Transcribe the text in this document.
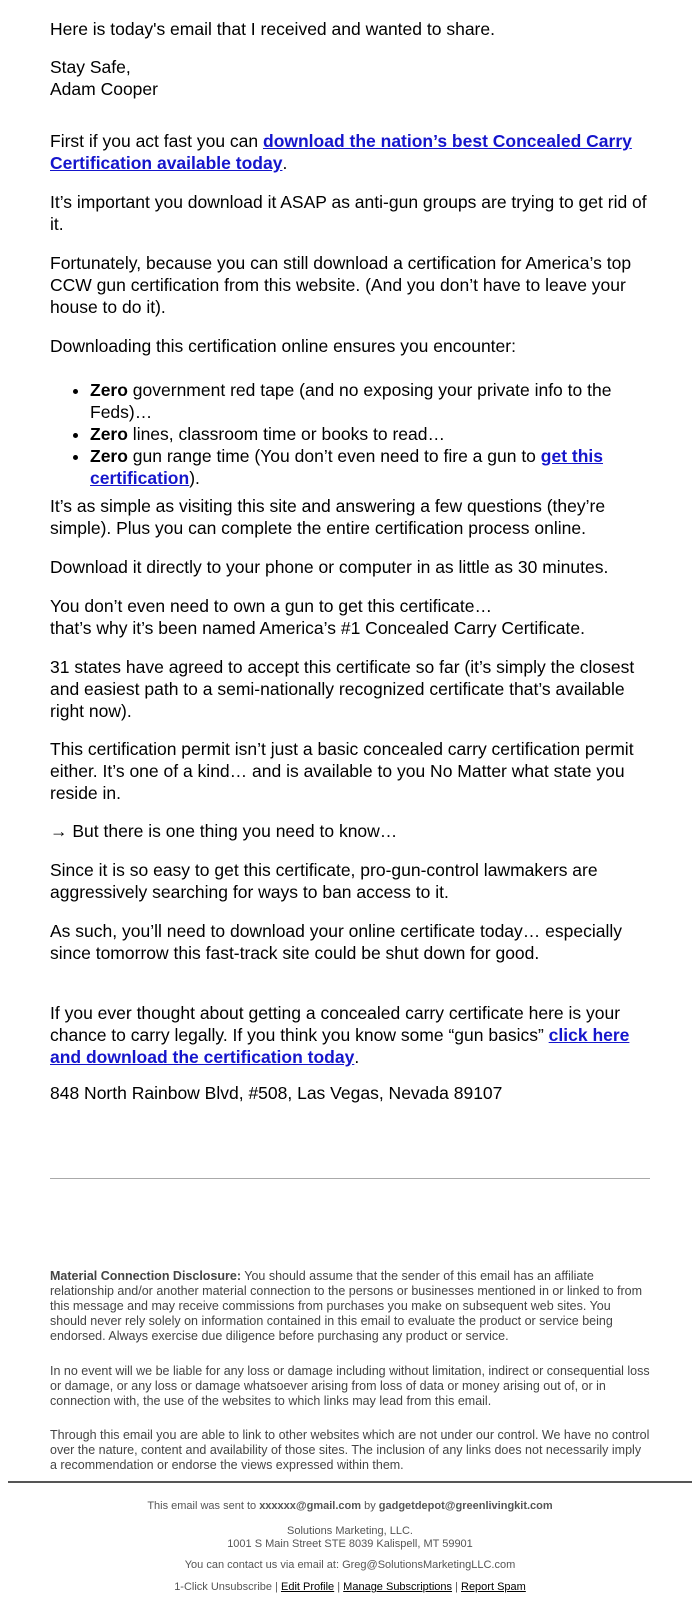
Here is today's email that I received and wanted to share.

Stay Safe,
Adam Cooper

First if you act fast you can download the nation’s best Concealed Carry Certification available today.

It’s important you download it ASAP as anti-gun groups are trying to get rid of it.

Fortunately, because you can still download a certification for America’s top CCW gun certification from this website. (And you don’t have to leave your house to do it).

Downloading this certification online ensures you encounter:

• Zero government red tape (and no exposing your private info to the Feds)…
• Zero lines, classroom time or books to read…
• Zero gun range time (You don’t even need to fire a gun to get this certification).

It’s as simple as visiting this site and answering a few questions (they’re simple). Plus you can complete the entire certification process online.

Download it directly to your phone or computer in as little as 30 minutes.

You don’t even need to own a gun to get this certificate…
that’s why it’s been named America’s #1 Concealed Carry Certificate.

31 states have agreed to accept this certificate so far (it’s simply the closest and easiest path to a semi-nationally recognized certificate that’s available right now).

This certification permit isn’t just a basic concealed carry certification permit either. It’s one of a kind… and is available to you No Matter what state you reside in.

→ But there is one thing you need to know…

Since it is so easy to get this certificate, pro-gun-control lawmakers are aggressively searching for ways to ban access to it.

As such, you’ll need to download your online certificate today… especially since tomorrow this fast-track site could be shut down for good.

If you ever thought about getting a concealed carry certificate here is your chance to carry legally. If you think you know some “gun basics” click here and download the certification today.

848 North Rainbow Blvd, #508, Las Vegas, Nevada 89107

Material Connection Disclosure: You should assume that the sender of this email has an affiliate relationship and/or another material connection to the persons or businesses mentioned in or linked to from this message and may receive commissions from purchases you make on subsequent web sites. You should never rely solely on information contained in this email to evaluate the product or service being endorsed. Always exercise due diligence before purchasing any product or service.
In no event will we be liable for any loss or damage including without limitation, indirect or consequential loss or damage, or any loss or damage whatsoever arising from loss of data or money arising out of, or in connection with, the use of the websites to which links may lead from this email.
Through this email you are able to link to other websites which are not under our control. We have no control over the nature, content and availability of those sites. The inclusion of any links does not necessarily imply a recommendation or endorse the views expressed within them.
This email was sent to xxxxxx@gmail.com by gadgetdepot@greenlivingkit.com
Solutions Marketing, LLC.
1001 S Main Street STE 8039 Kalispell, MT 59901
You can contact us via email at: Greg@SolutionsMarketingLLC.com
1-Click Unsubscribe | Edit Profile | Manage Subscriptions | Report Spam
